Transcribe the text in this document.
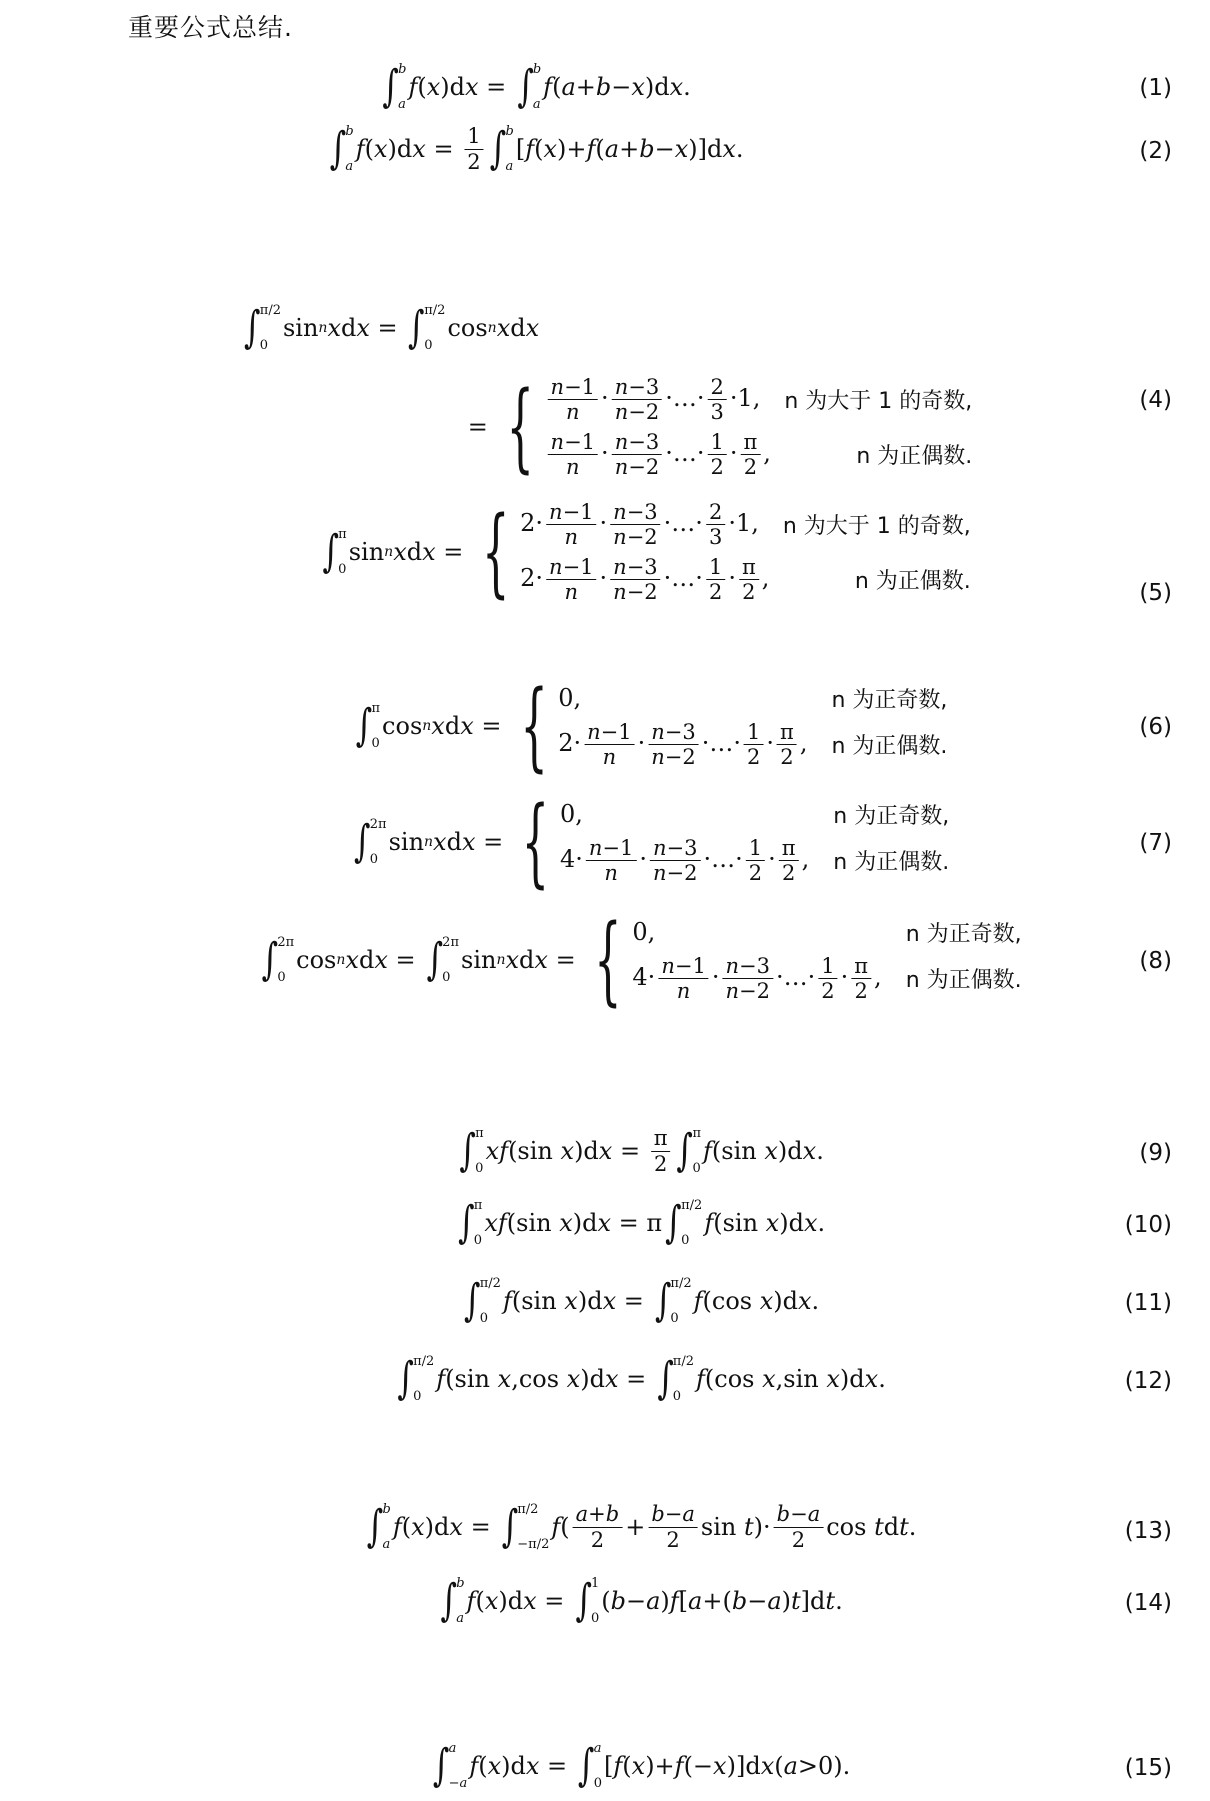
重要公式总结.
∫ b
a
f ( x )d x = ∫ b
a
f ( a + b − x )d x .	(1)
∫ b
a
f ( x )d $x = \frac{1}{2}$ ∫ b
a
[ f ( x )+ f ( a + b − x )]d x .	(2)
∫ π/2
0
sin n x d x = ∫ π/2
0
cos n x d x
= { $\frac{n-1}{n} \cdot \frac{n-3}{n-2}$ ·…· $\frac{2}{3} \cdot 1$, n 为大于 1 的奇数,
$\frac{n-1}{n} \cdot \frac{n-3}{n-2}$ ·…· $\frac{1}{2} \cdot \frac{\pi}{2}$ ,	n 为正偶数.
(4)
∫ π
0
sin n x d x = { $2\cdot \frac{n-1}{n} \cdot \frac{n-3}{n-2}$ ·…· $\frac{2}{3} \cdot 1$, n 为大于 1 的奇数,
$2\cdot \frac{n-1}{n} \cdot \frac{n-3}{n-2}$ ·…· $\frac{1}{2} \cdot \frac{\pi}{2}$ ,	n 为正偶数.	(5)
∫ π
0
cos n x d x = { 0,	n 为正奇数,
$2\cdot \frac{n-1}{n} \cdot \frac{n-3}{n-2}$ ·…· $\frac{1}{2} \cdot \frac{\pi}{2}$ , n 为正偶数.
(6)
∫ 2π
0
sin n x d x = { 0,	n 为正奇数,
$4\cdot \frac{n-1}{n} \cdot \frac{n-3}{n-2}$ ·…· $\frac{1}{2} \cdot \frac{\pi}{2}$ , n 为正偶数.
(7)
∫ 2π
0
cos n x d x = ∫ 2π
0
sin n x d x = { 0,	n 为正奇数,
$4\cdot \frac{n-1}{n} \cdot \frac{n-3}{n-2}$ ·…· $\frac{1}{2} \cdot \frac{\pi}{2}$ , n 为正偶数.
(8)
∫ π
0
xf (sin x )d $x = \frac{\pi}{2}$ ∫ π
0
f (sin x )d x .	(9)
∫ π
0
xf (sin x )d x = π ∫ π/2
0
f (sin x )d x .	(10)
∫ π/2
0
f (sin x )d x = ∫ π/2
0
f (cos x )d x .	(11)
∫ π/2
0
f (sin x ,cos x )d x = ∫ π/2
0
f (cos x ,sin x )d x .	(12)
∫ b
a
f ( x )d x = ∫ π/2
−π/2
f ( $\frac{a+b}{2} + \frac{b-a}{2}$ sin t )· $\frac{b-a}{2}$ cos t d t .	(13)
∫ b
a
f ( x )d x = ∫ 1
0
( b − a ) f [ a +( b − a ) t ]d t .	(14)
∫ a
−a
f ( x )d x = ∫ a
0
[ f ( x )+ f (− x )]d x ( a >0).	(15)
